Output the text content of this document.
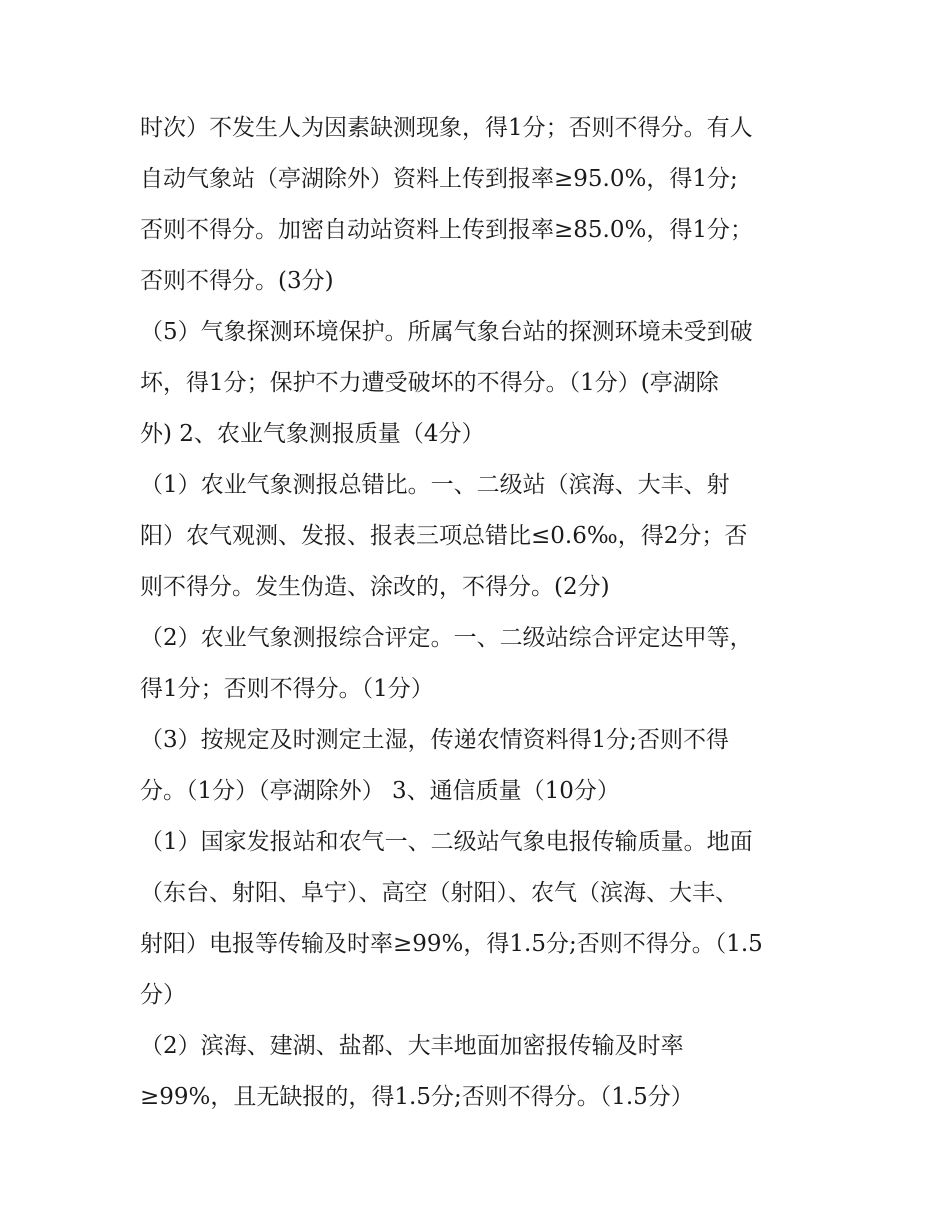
时次）不发生人为因素缺测现象，得1分；否则不得分。有人
自动气象站（亭湖除外）资料上传到报率≥95.0%，得1分;
否则不得分。加密自动站资料上传到报率≥85.0%，得1分；
否则不得分。(3分)
（5）气象探测环境保护。所属气象台站的探测环境未受到破
坏，得1分；保护不力遭受破坏的不得分。（1分）(亭湖除
外) 2、农业气象测报质量（4分）
（1）农业气象测报总错比。一、二级站（滨海、大丰、射
阳）农气观测、发报、报表三项总错比≤0.6‰，得2分；否
则不得分。发生伪造、涂改的，不得分。(2分)
（2）农业气象测报综合评定。一、二级站综合评定达甲等，
得1分；否则不得分。（1分）
（3）按规定及时测定土湿，传递农情资料得1分;否则不得
分。（1分）（亭湖除外） 3、通信质量（10分）
（1）国家发报站和农气一、二级站气象电报传输质量。地面
（东台、射阳、阜宁）、高空（射阳）、农气（滨海、大丰、
射阳）电报等传输及时率≥99%，得1.5分;否则不得分。（1.5
分）
（2）滨海、建湖、盐都、大丰地面加密报传输及时率
≥99%，且无缺报的，得1.5分;否则不得分。（1.5分）
